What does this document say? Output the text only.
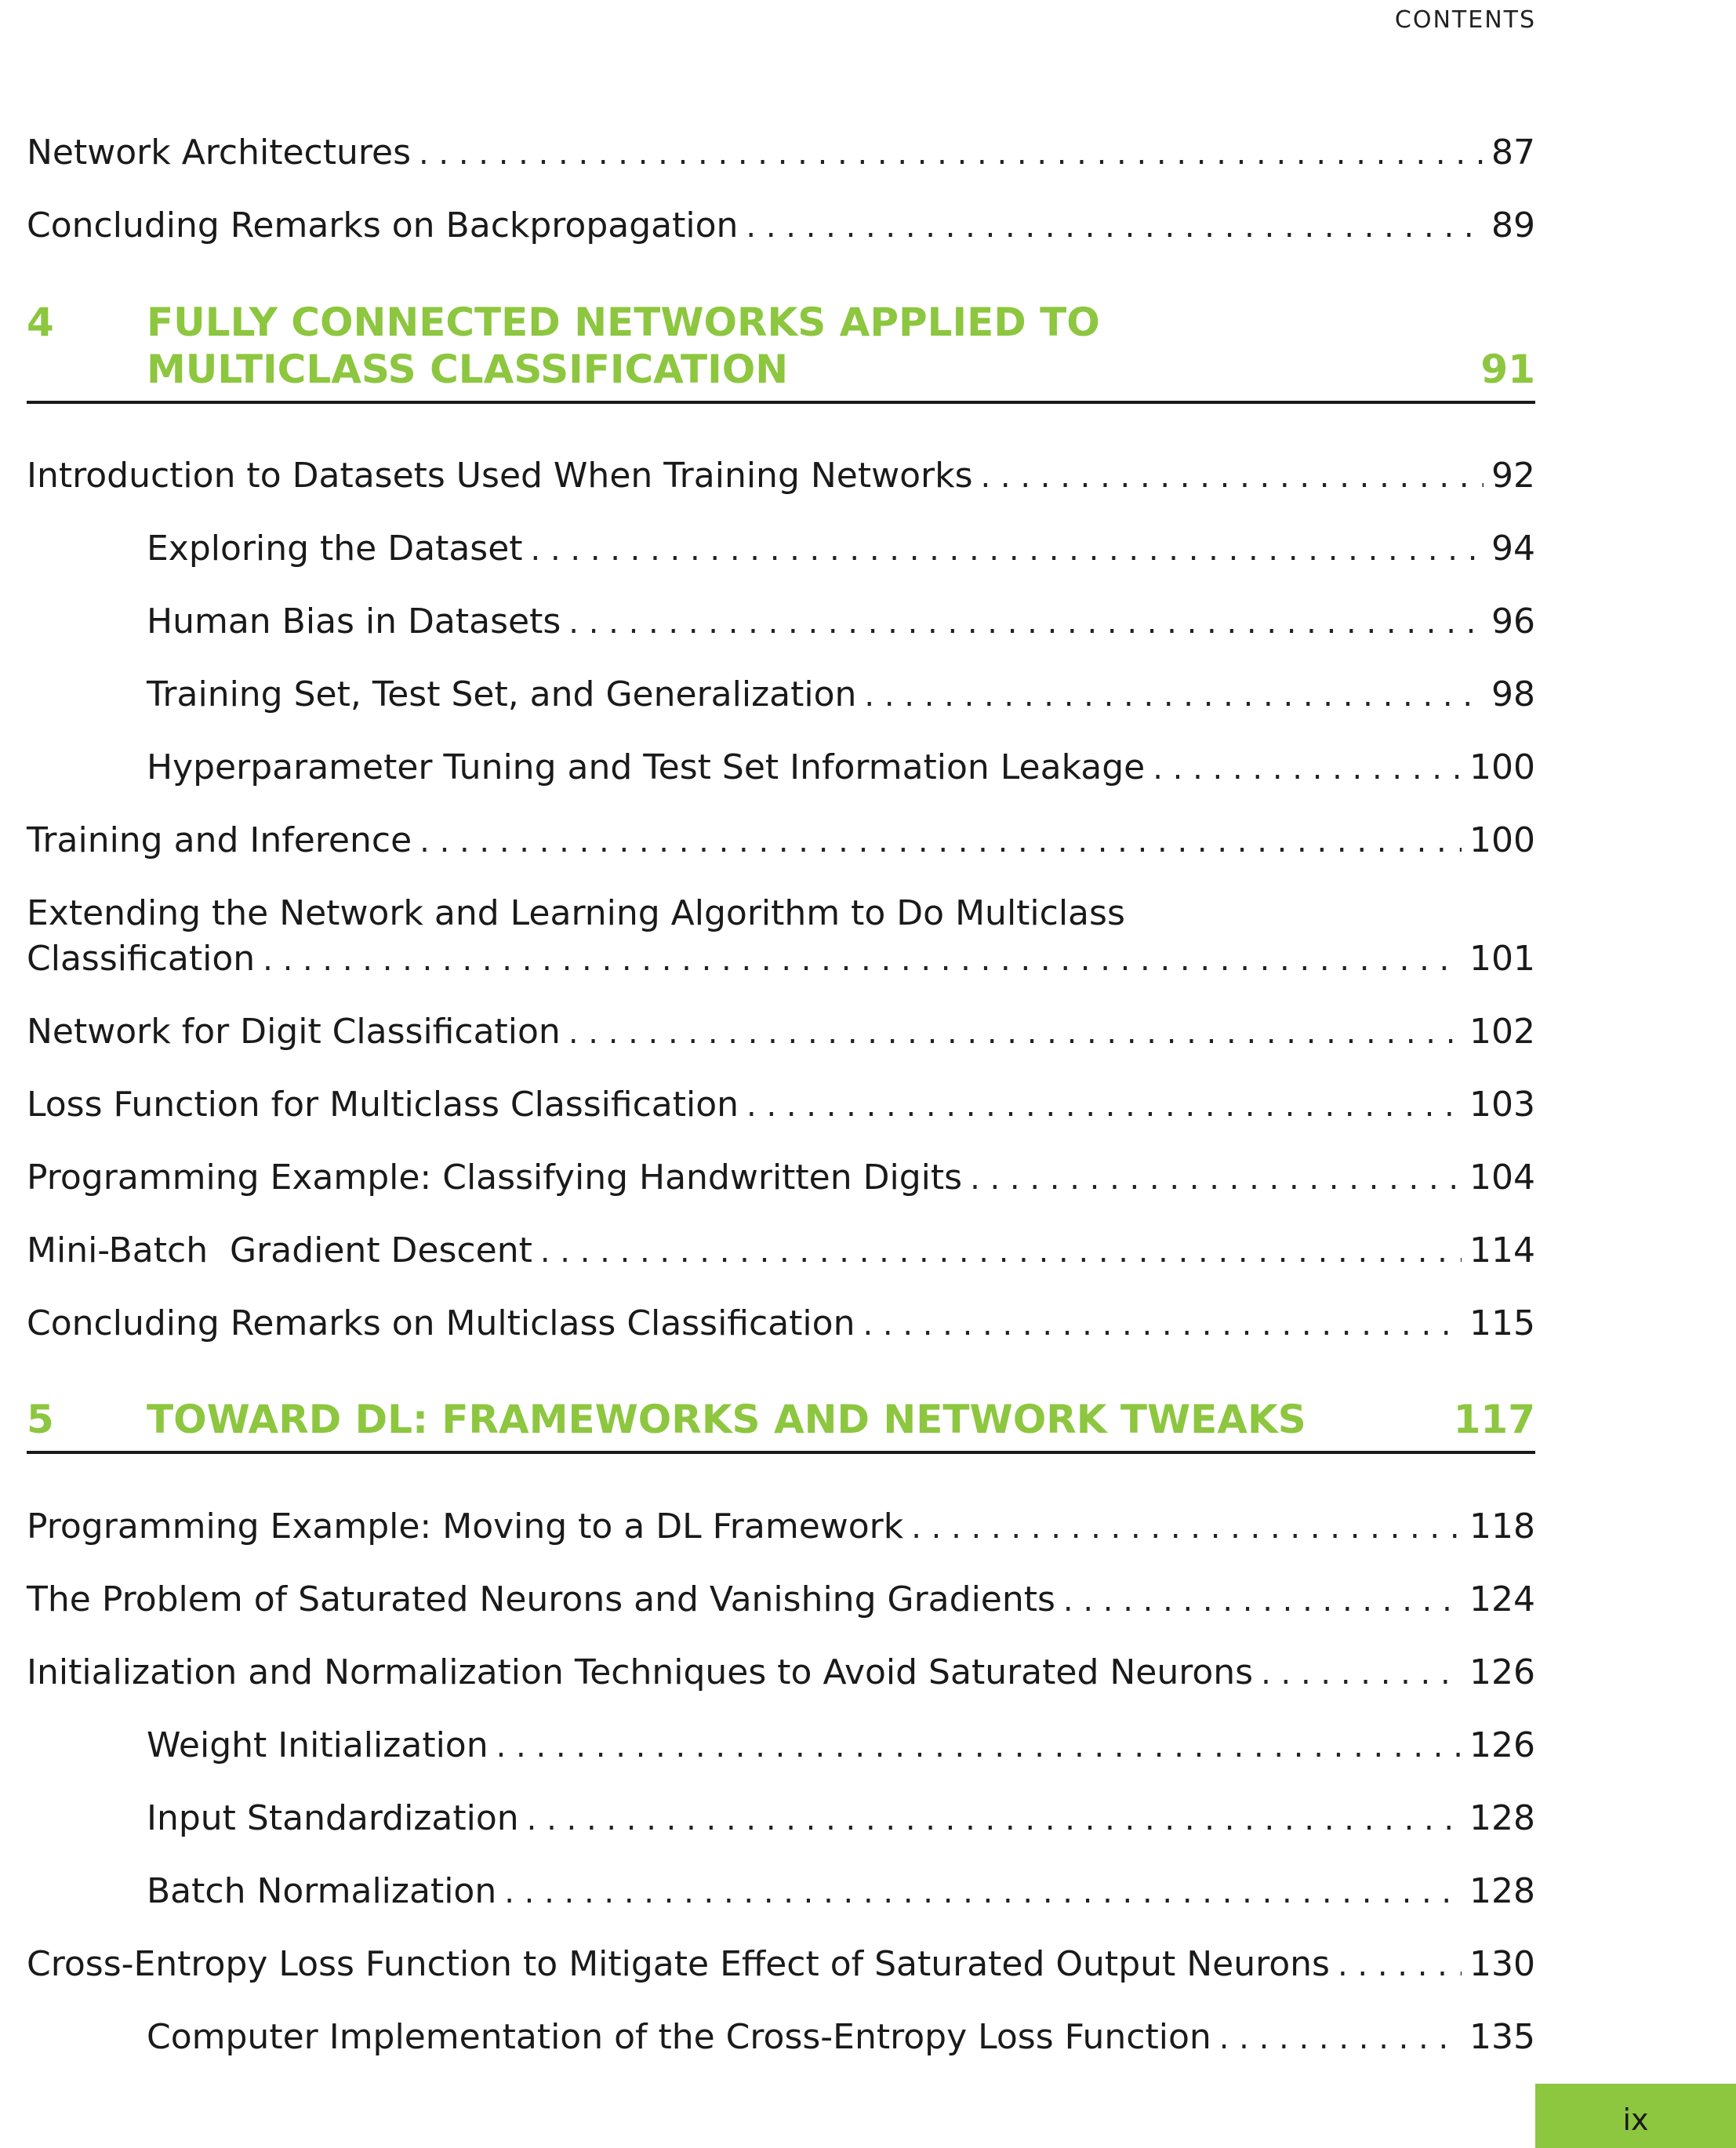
CONTENTS
Network Architectures . . .	87
Concluding Remarks on Backpropagation . . .	89
4 FULLY CONNECTED NETWORKS APPLIED TO
MULTICLASS CLASSIFICATION	91
Introduction to Datasets Used When Training Networks . . .	92
Exploring the Dataset . . .	94
Human Bias in Datasets . . .	96
Training Set, Test Set, and Generalization . . .	98
Hyperparameter Tuning and Test Set Information Leakage . . .	100
Training and Inference . . .	100
Extending the Network and Learning Algorithm to Do Multiclass
Classification . . .	101
Network for Digit Classification . . .	102
Loss Function for Multiclass Classification . . .	103
Programming Example: Classifying Handwritten Digits . . .	104
Mini-Batch  Gradient Descent . . .	114
Concluding Remarks on Multiclass Classification . . .	115
5 TOWARD DL: FRAMEWORKS AND NETWORK TWEAKS	117
Programming Example: Moving to a DL Framework . . .	118
The Problem of Saturated Neurons and Vanishing Gradients . . .	124
Initialization and Normalization Techniques to Avoid Saturated Neurons . . .	126
Weight Initialization . . .	126
Input Standardization . . .	128
Batch Normalization . . .	128
Cross-Entropy Loss Function to Mitigate Effect of Saturated Output Neurons . . .	130
Computer Implementation of the Cross-Entropy Loss Function . . .	135
ix
